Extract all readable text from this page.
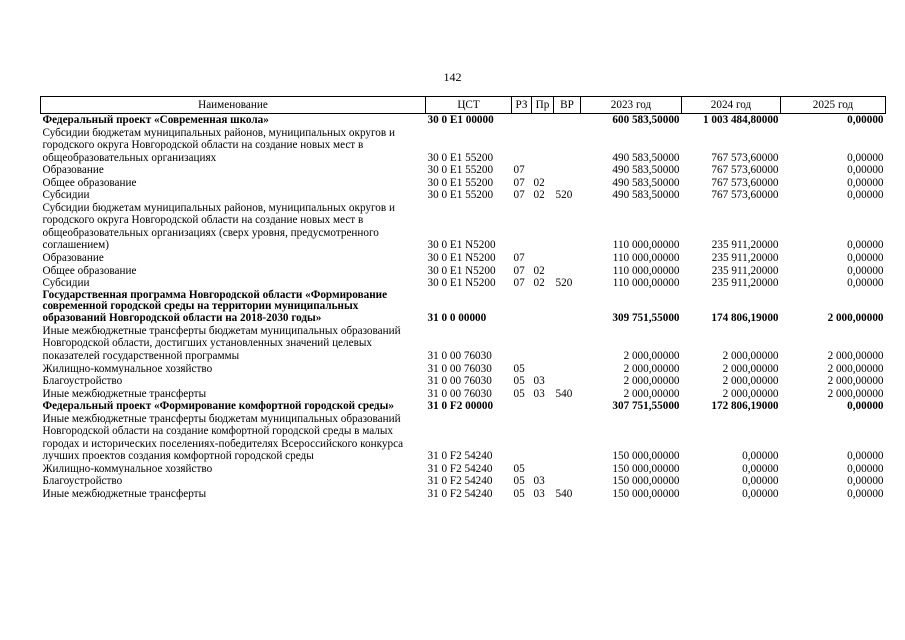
142
Наименование	ЦСТ	РЗ	Пр	ВР	2023 год	2024 год	2025 год
Федеральный проект «Современная школа»	30 0 E1 00000				600 583,50000	1 003 484,80000	0,00000
Субсидии бюджетам муниципальных районов, муниципальных округов и городского округа Новгородской области на создание новых мест в общеобразовательных организациях	30 0 E1 55200				490 583,50000	767 573,60000	0,00000
Образование	30 0 E1 55200	07			490 583,50000	767 573,60000	0,00000
Общее образование	30 0 E1 55200	07	02		490 583,50000	767 573,60000	0,00000
Субсидии	30 0 E1 55200	07	02	520	490 583,50000	767 573,60000	0,00000
Субсидии бюджетам муниципальных районов, муниципальных округов и городского округа Новгородской области на создание новых мест в общеобразовательных организациях (сверх уровня, предусмотренного соглашением)	30 0 E1 N5200				110 000,00000	235 911,20000	0,00000
Образование	30 0 E1 N5200	07			110 000,00000	235 911,20000	0,00000
Общее образование	30 0 E1 N5200	07	02		110 000,00000	235 911,20000	0,00000
Субсидии	30 0 E1 N5200	07	02	520	110 000,00000	235 911,20000	0,00000
Государственная программа Новгородской области «Формирование современной городской среды на территории муниципальных образований Новгородской области на 2018-2030 годы»	31 0 0 00000				309 751,55000	174 806,19000	2 000,00000
Иные межбюджетные трансферты бюджетам муниципальных образований Новгородской области, достигших установленных значений целевых показателей государственной программы	31 0 00 76030				2 000,00000	2 000,00000	2 000,00000
Жилищно-коммунальное хозяйство	31 0 00 76030	05			2 000,00000	2 000,00000	2 000,00000
Благоустройство	31 0 00 76030	05	03		2 000,00000	2 000,00000	2 000,00000
Иные межбюджетные трансферты	31 0 00 76030	05	03	540	2 000,00000	2 000,00000	2 000,00000
Федеральный проект «Формирование комфортной городской среды»	31 0 F2 00000				307 751,55000	172 806,19000	0,00000
Иные межбюджетные трансферты бюджетам муниципальных образований Новгородской области на создание комфортной городской среды в малых городах и исторических поселениях-победителях Всероссийского конкурса лучших проектов создания комфортной городской среды	31 0 F2 54240				150 000,00000	0,00000	0,00000
Жилищно-коммунальное хозяйство	31 0 F2 54240	05			150 000,00000	0,00000	0,00000
Благоустройство	31 0 F2 54240	05	03		150 000,00000	0,00000	0,00000
Иные межбюджетные трансферты	31 0 F2 54240	05	03	540	150 000,00000	0,00000	0,00000
